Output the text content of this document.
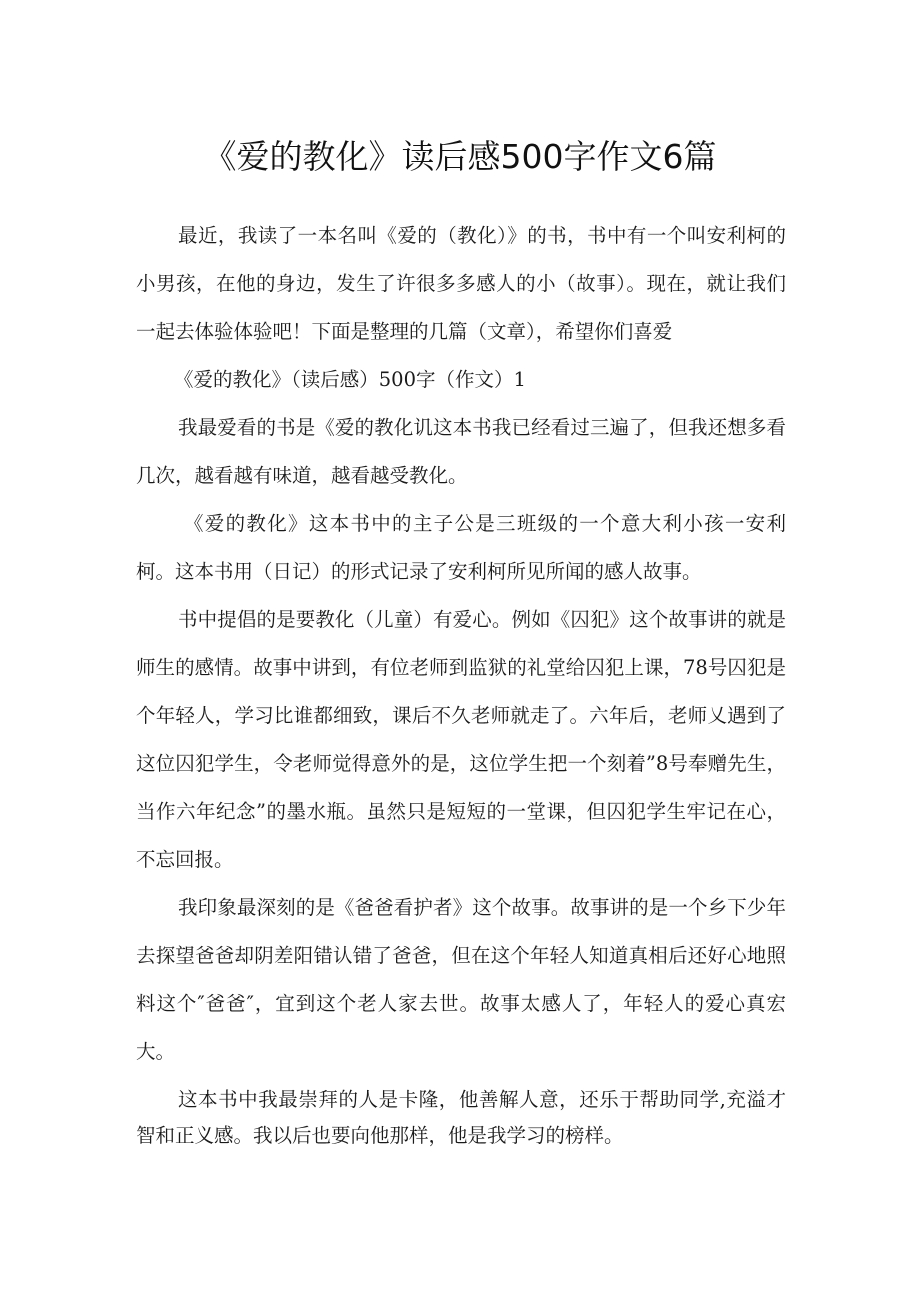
《爱的教化》读后感500字作文6篇

最近，我读了一本名叫《爱的（教化）》的书，书中有一个叫安利柯的小男孩，在他的身边，发生了许很多多感人的小（故事）。现在，就让我们一起去体验体验吧！下面是整理的几篇（文章），希望你们喜爱

《爱的教化》（读后感）500字（作文）1

我最爱看的书是《爱的教化讥这本书我已经看过三遍了，但我还想多看几次，越看越有味道，越看越受教化。

《爱的教化》这本书中的主子公是三班级的一个意大利小孩一安利柯。这本书用（日记）的形式记录了安利柯所见所闻的感人故事。

书中提倡的是要教化（儿童）有爱心。例如《囚犯》这个故事讲的就是师生的感情。故事中讲到，有位老师到监狱的礼堂给囚犯上课，78号囚犯是个年轻人，学习比谁都细致，课后不久老师就走了。六年后，老师乂遇到了这位囚犯学生，令老师觉得意外的是，这位学生把一个刻着”8号奉赠先生，当作六年纪念”的墨水瓶。虽然只是短短的一堂课，但囚犯学生牢记在心，不忘回报。

我印象最深刻的是《爸爸看护者》这个故事。故事讲的是一个乡下少年去探望爸爸却阴差阳错认错了爸爸，但在这个年轻人知道真相后还好心地照料这个″爸爸″，宜到这个老人家去世。故事太感人了，年轻人的爱心真宏大。

这本书中我最崇拜的人是卡隆，他善解人意，还乐于帮助同学,充溢才智和正义感。我以后也要向他那样，他是我学习的榜样。
